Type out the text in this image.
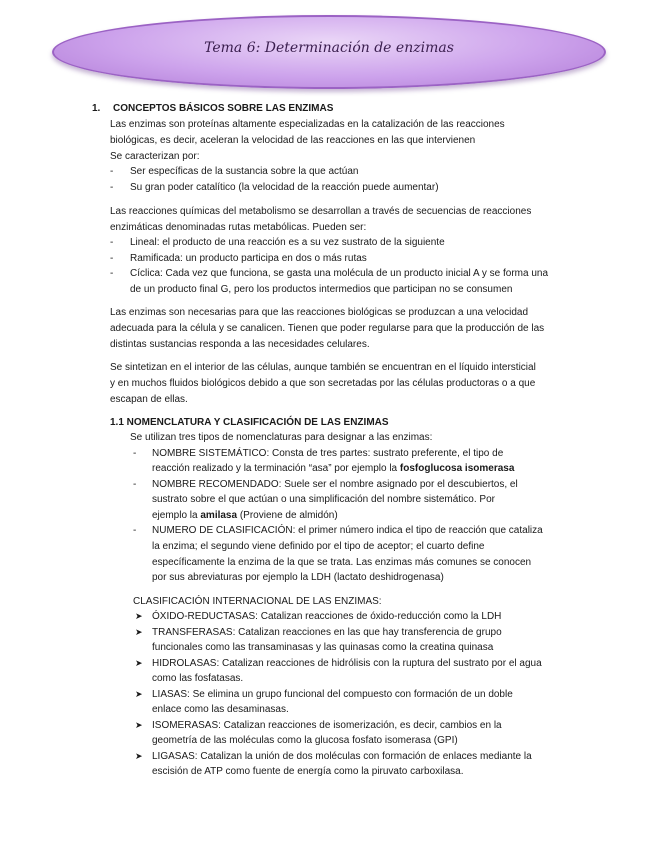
Tema 6: Determinación de enzimas
1. CONCEPTOS BÁSICOS SOBRE LAS ENZIMAS
Las enzimas son proteínas altamente especializadas en la catalización de las reacciones
biológicas, es decir, aceleran la velocidad de las reacciones en las que intervienen
Se caracterizan por:
- Ser específicas de la sustancia sobre la que actúan
- Su gran poder catalítico (la velocidad de la reacción puede aumentar)
Las reacciones químicas del metabolismo se desarrollan a través de secuencias de reacciones
enzimáticas denominadas rutas metabólicas. Pueden ser:
- Lineal: el producto de una reacción es a su vez sustrato de la siguiente
- Ramificada: un producto participa en dos o más rutas
- Cíclica: Cada vez que funciona, se gasta una molécula de un producto inicial A y se forma una
de un producto final G, pero los productos intermedios que participan no se consumen
Las enzimas son necesarias para que las reacciones biológicas se produzcan a una velocidad
adecuada para la célula y se canalicen. Tienen que poder regularse para que la producción de las
distintas sustancias responda a las necesidades celulares.
Se sintetizan en el interior de las células, aunque también se encuentran en el líquido intersticial
y en muchos fluidos biológicos debido a que son secretadas por las células productoras o a que
escapan de ellas.
1.1 NOMENCLATURA Y CLASIFICACIÓN DE LAS ENZIMAS
Se utilizan tres tipos de nomenclaturas para designar a las enzimas:
- NOMBRE SISTEMÁTICO: Consta de tres partes: sustrato preferente, el tipo de
reacción realizado y la terminación “asa” por ejemplo la fosfoglucosa isomerasa
- NOMBRE RECOMENDADO: Suele ser el nombre asignado por el descubiertos, el
sustrato sobre el que actúan o una simplificación del nombre sistemático. Por
ejemplo la amilasa (Proviene de almidón)
- NUMERO DE CLASIFICACIÓN: el primer número indica el tipo de reacción que cataliza
la enzima; el segundo viene definido por el tipo de aceptor; el cuarto define
específicamente la enzima de la que se trata. Las enzimas más comunes se conocen
por sus abreviaturas por ejemplo la LDH (lactato deshidrogenasa)
CLASIFICACIÓN INTERNACIONAL DE LAS ENZIMAS:
➤ ÓXIDO-REDUCTASAS: Catalizan reacciones de óxido-reducción como la LDH
➤ TRANSFERASAS: Catalizan reacciones en las que hay transferencia de grupo
funcionales como las transaminasas y las quinasas como la creatina quinasa
➤ HIDROLASAS: Catalizan reacciones de hidrólisis con la ruptura del sustrato por el agua
como las fosfatasas.
➤ LIASAS: Se elimina un grupo funcional del compuesto con formación de un doble
enlace como las desaminasas.
➤ ISOMERASAS: Catalizan reacciones de isomerización, es decir, cambios en la
geometría de las moléculas como la glucosa fosfato isomerasa (GPI)
➤ LIGASAS: Catalizan la unión de dos moléculas con formación de enlaces mediante la
escisión de ATP como fuente de energía como la piruvato carboxilasa.
